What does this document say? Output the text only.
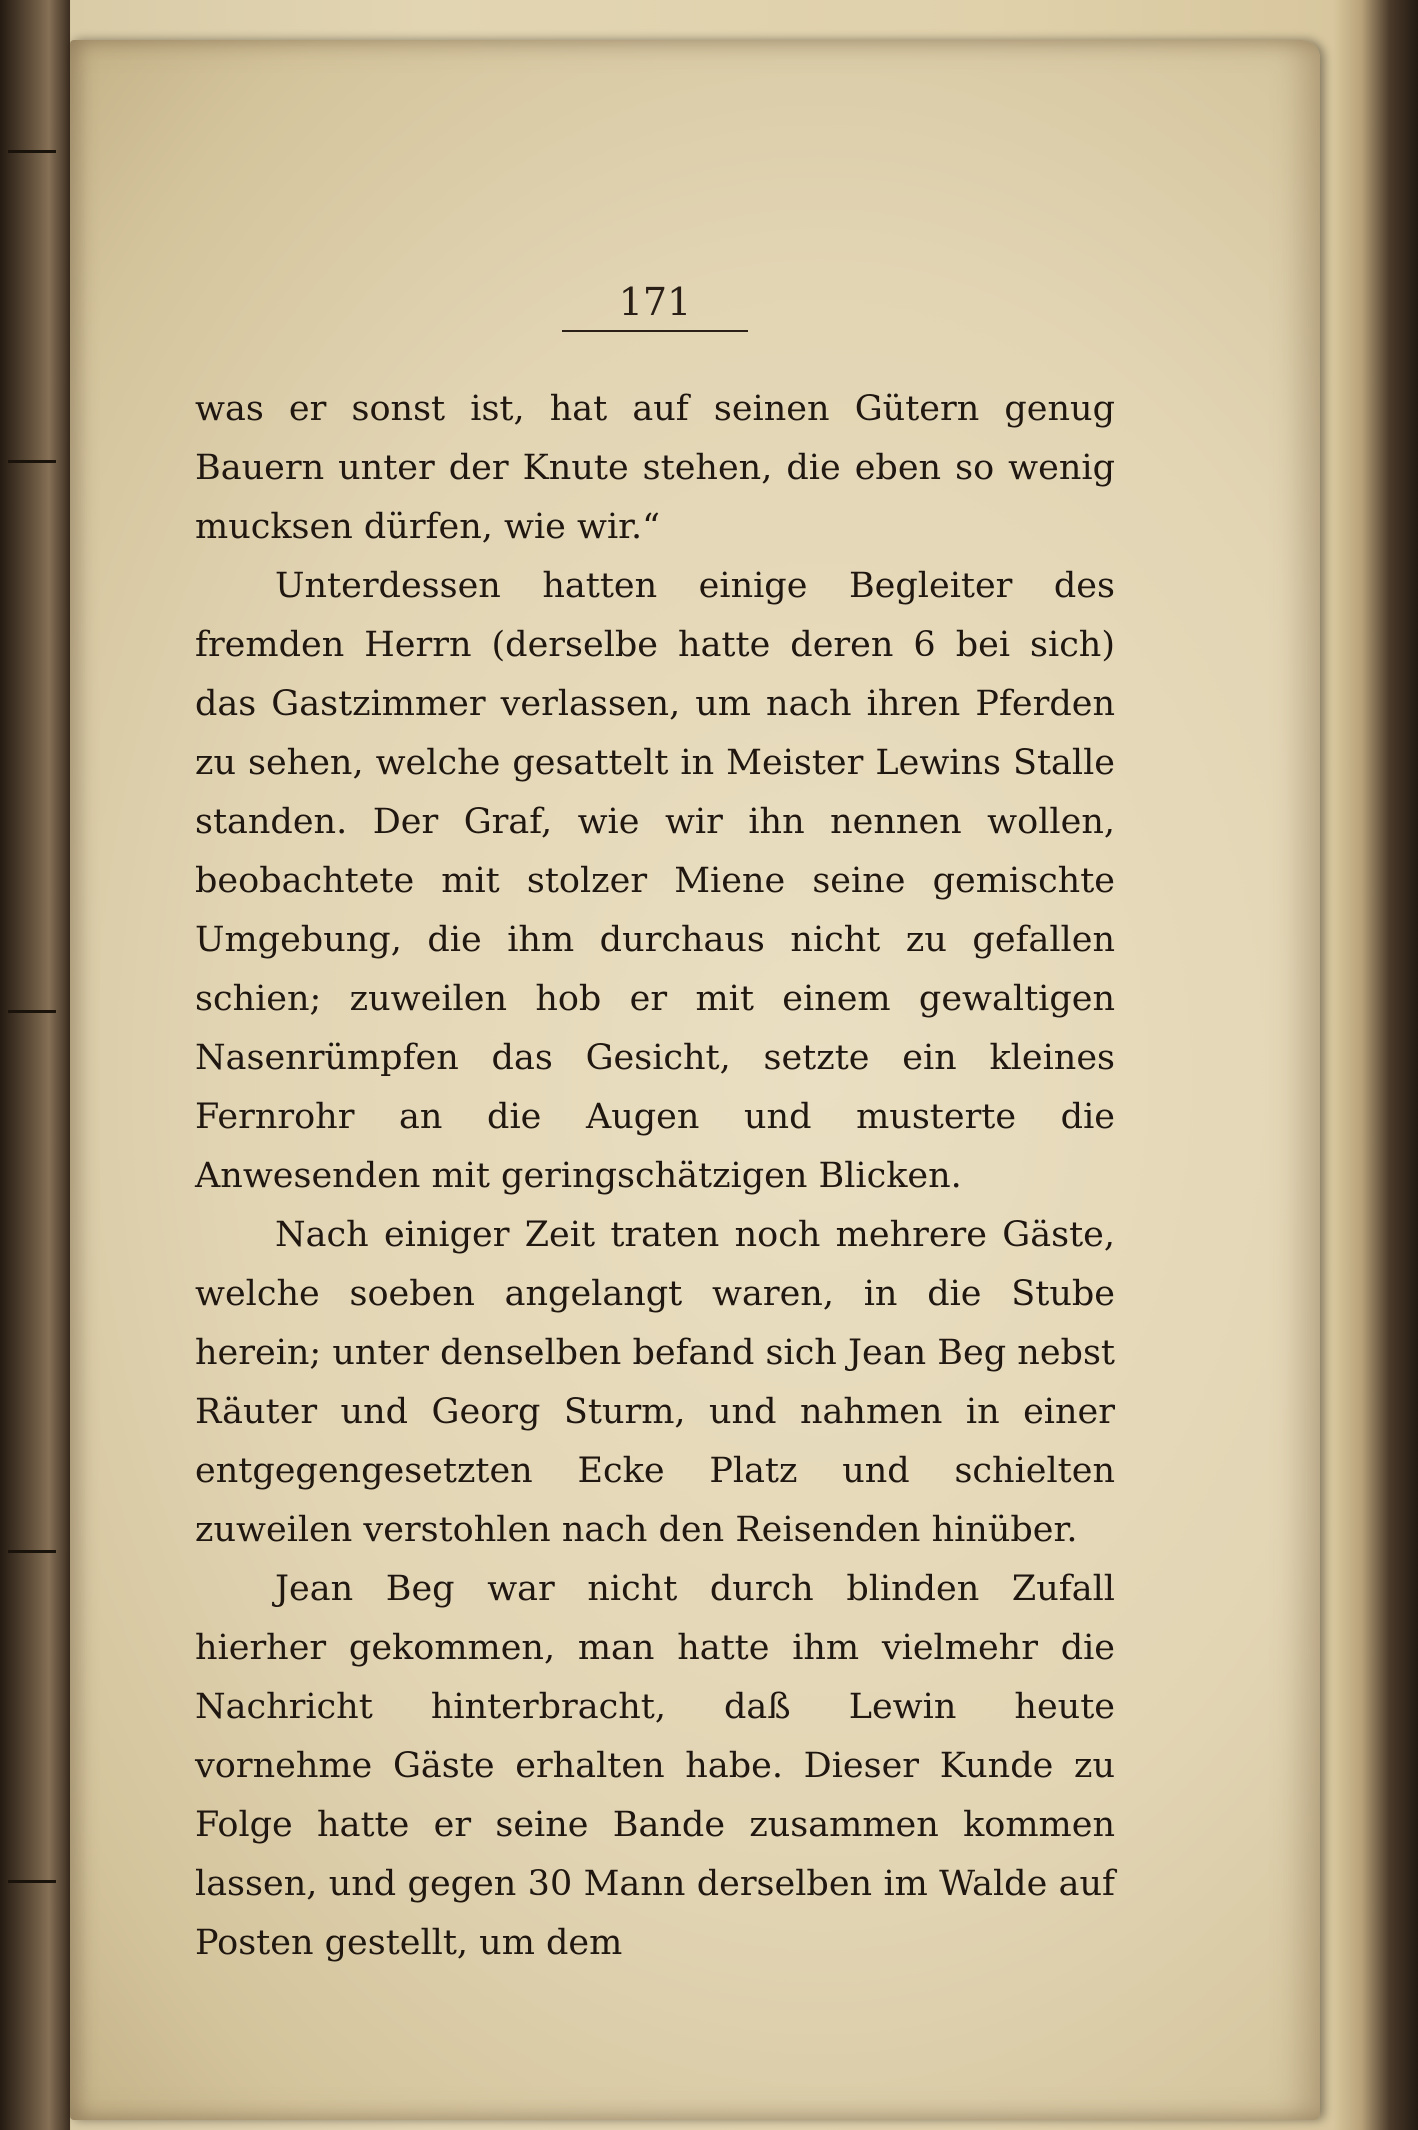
171

was er sonst ist, hat auf seinen Gütern genug Bauern unter der Knute stehen, die eben so wenig mucksen dürfen, wie wir.“

Unterdessen hatten einige Begleiter des fremden Herrn (derselbe hatte deren 6 bei sich) das Gastzimmer verlassen, um nach ihren Pferden zu sehen, welche gesattelt in Meister Lewins Stalle standen. Der Graf, wie wir ihn nennen wollen, beobachtete mit stolzer Miene seine gemischte Umgebung, die ihm durchaus nicht zu gefallen schien; zuweilen hob er mit einem gewaltigen Nasenrümpfen das Gesicht, setzte ein kleines Fernrohr an die Augen und musterte die Anwesenden mit geringschätzigen Blicken.

Nach einiger Zeit traten noch mehrere Gäste, welche soeben angelangt waren, in die Stube herein; unter denselben befand sich Jean Beg nebst Räuter und Georg Sturm, und nahmen in einer entgegengesetzten Ecke Platz und schielten zuweilen verstohlen nach den Reisenden hinüber.

Jean Beg war nicht durch blinden Zufall hierher gekommen, man hatte ihm vielmehr die Nachricht hinterbracht, daß Lewin heute vornehme Gäste erhalten habe. Dieser Kunde zu Folge hatte er seine Bande zusammen kommen lassen, und gegen 30 Mann derselben im Walde auf Posten gestellt, um dem
